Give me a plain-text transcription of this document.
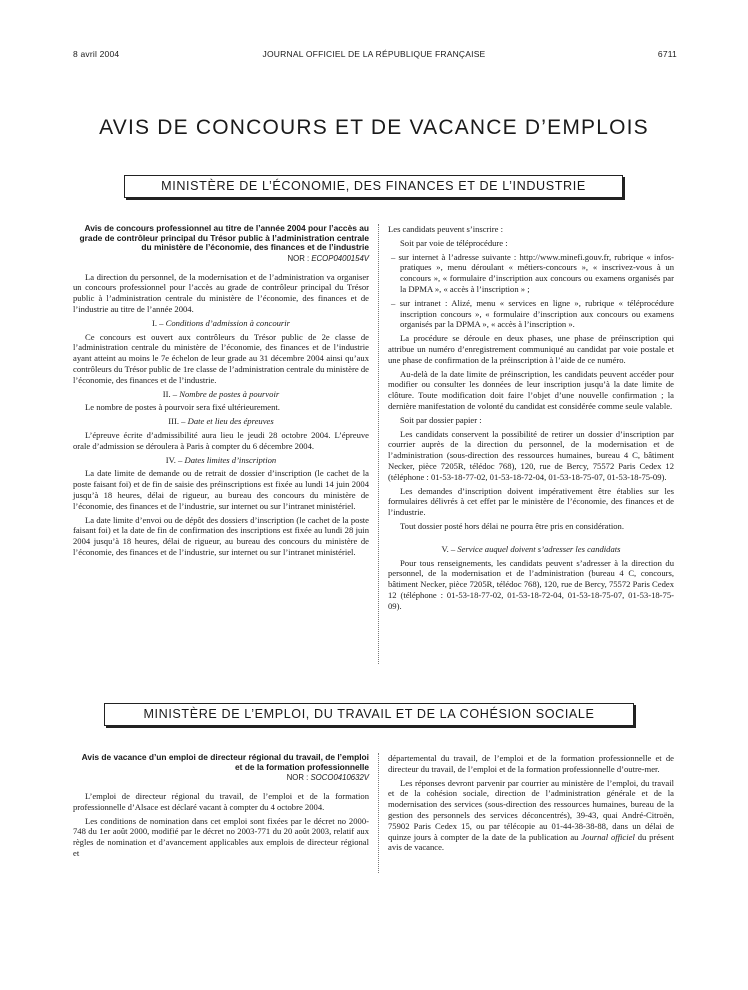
8 avril 2004	JOURNAL OFFICIEL DE LA RÉPUBLIQUE FRANÇAISE	6711
AVIS DE CONCOURS ET DE VACANCE D’EMPLOIS
MINISTÈRE DE L’ÉCONOMIE, DES FINANCES ET DE L’INDUSTRIE
Avis de concours professionnel au titre de l’année 2004 pour l’accès au grade de contrôleur principal du Trésor public à l’administration centrale du ministère de l’économie, des finances et de l’industrie
NOR : ECOP0400154V

La direction du personnel, de la modernisation et de l’administration va organiser un concours professionnel pour l’accès au grade de contrôleur principal du Trésor public à l’administration centrale du ministère de l’économie, des finances et de l’industrie au titre de l’année 2004.

I. – Conditions d’admission à concourir

Ce concours est ouvert aux contrôleurs du Trésor public de 2e classe de l’administration centrale du ministère de l’économie, des finances et de l’industrie ayant atteint au moins le 7e échelon de leur grade au 31 décembre 2004 ainsi qu’aux contrôleurs du Trésor public de 1re classe de l’administration centrale du ministère de l’économie, des finances et de l’industrie.

II. – Nombre de postes à pourvoir

Le nombre de postes à pourvoir sera fixé ultérieurement.

III. – Date et lieu des épreuves

L’épreuve écrite d’admissibilité aura lieu le jeudi 28 octobre 2004. L’épreuve orale d’admission se déroulera à Paris à compter du 6 décembre 2004.

IV. – Dates limites d’inscription

La date limite de demande ou de retrait de dossier d’inscription (le cachet de la poste faisant foi) et de fin de saisie des préinscriptions est fixée au lundi 14 juin 2004 jusqu’à 18 heures, délai de rigueur, au bureau des concours du ministère de l’économie, des finances et de l’industrie, sur internet ou sur l’intranet ministériel.

La date limite d’envoi ou de dépôt des dossiers d’inscription (le cachet de la poste faisant foi) et la date de fin de confirmation des inscriptions est fixée au lundi 28 juin 2004 jusqu’à 18 heures, délai de rigueur, au bureau des concours du ministère de l’économie, des finances et de l’industrie, sur internet ou sur l’intranet ministériel.

Les candidats peuvent s’inscrire :

Soit par voie de téléprocédure :

– sur internet à l’adresse suivante : http://www.minefi.gouv.fr, rubrique « infos-pratiques », menu déroulant « métiers-concours », « inscrivez-vous à un concours », « formulaire d’inscription aux concours ou examens organisés par la DPMA », « accès à l’inscription » ;

– sur intranet : Alizé, menu « services en ligne », rubrique « téléprocédure inscription concours », « formulaire d’inscription aux concours ou examens organisés par la DPMA », « accès à l’inscription ».

La procédure se déroule en deux phases, une phase de préinscription qui attribue un numéro d’enregistrement communiqué au candidat par voie postale et une phase de confirmation de la préinscription à l’aide de ce numéro.

Au-delà de la date limite de préinscription, les candidats peuvent accéder pour modifier ou consulter les données de leur inscription jusqu’à la date limite de clôture. Toute modification doit faire l’objet d’une nouvelle confirmation ; la dernière manifestation de volonté du candidat est considérée comme seule valable.

Soit par dossier papier :

Les candidats conservent la possibilité de retirer un dossier d’inscription par courrier auprès de la direction du personnel, de la modernisation et de l’administration (sous-direction des ressources humaines, bureau 4 C, bâtiment Necker, pièce 7205R, télédoc 768), 120, rue de Bercy, 75572 Paris Cedex 12 (téléphone : 01-53-18-77-02, 01-53-18-72-04, 01-53-18-75-07, 01-53-18-75-09).

Les demandes d’inscription doivent impérativement être établies sur les formulaires délivrés à cet effet par le ministère de l’économie, des finances et de l’industrie.

Tout dossier posté hors délai ne pourra être pris en considération.

V. – Service auquel doivent s’adresser les candidats

Pour tous renseignements, les candidats peuvent s’adresser à la direction du personnel, de la modernisation et de l’administration (bureau 4 C, concours, bâtiment Necker, pièce 7205R, télédoc 768), 120, rue de Bercy, 75572 Paris Cedex 12 (téléphone : 01-53-18-77-02, 01-53-18-72-04, 01-53-18-75-07, 01-53-18-75-09).

MINISTÈRE DE L’EMPLOI, DU TRAVAIL ET DE LA COHÉSION SOCIALE
Avis de vacance d’un emploi de directeur régional du travail, de l’emploi et de la formation professionnelle
NOR : SOCO0410632V

L’emploi de directeur régional du travail, de l’emploi et de la formation professionnelle d’Alsace est déclaré vacant à compter du 4 octobre 2004.

Les conditions de nomination dans cet emploi sont fixées par le décret no 2000-748 du 1er août 2000, modifié par le décret no 2003-771 du 20 août 2003, relatif aux règles de nomination et d’avancement applicables aux emplois de directeur régional et

départemental du travail, de l’emploi et de la formation professionnelle et de directeur du travail, de l’emploi et de la formation professionnelle d’outre-mer.

Les réponses devront parvenir par courrier au ministère de l’emploi, du travail et de la cohésion sociale, direction de l’administration générale et de la modernisation des services (sous-direction des ressources humaines, bureau de la gestion des personnels des services déconcentrés), 39-43, quai André-Citroën, 75902 Paris Cedex 15, ou par télécopie au 01-44-38-38-88, dans un délai de quinze jours à compter de la date de la publication au Journal officiel du présent avis de vacance.
